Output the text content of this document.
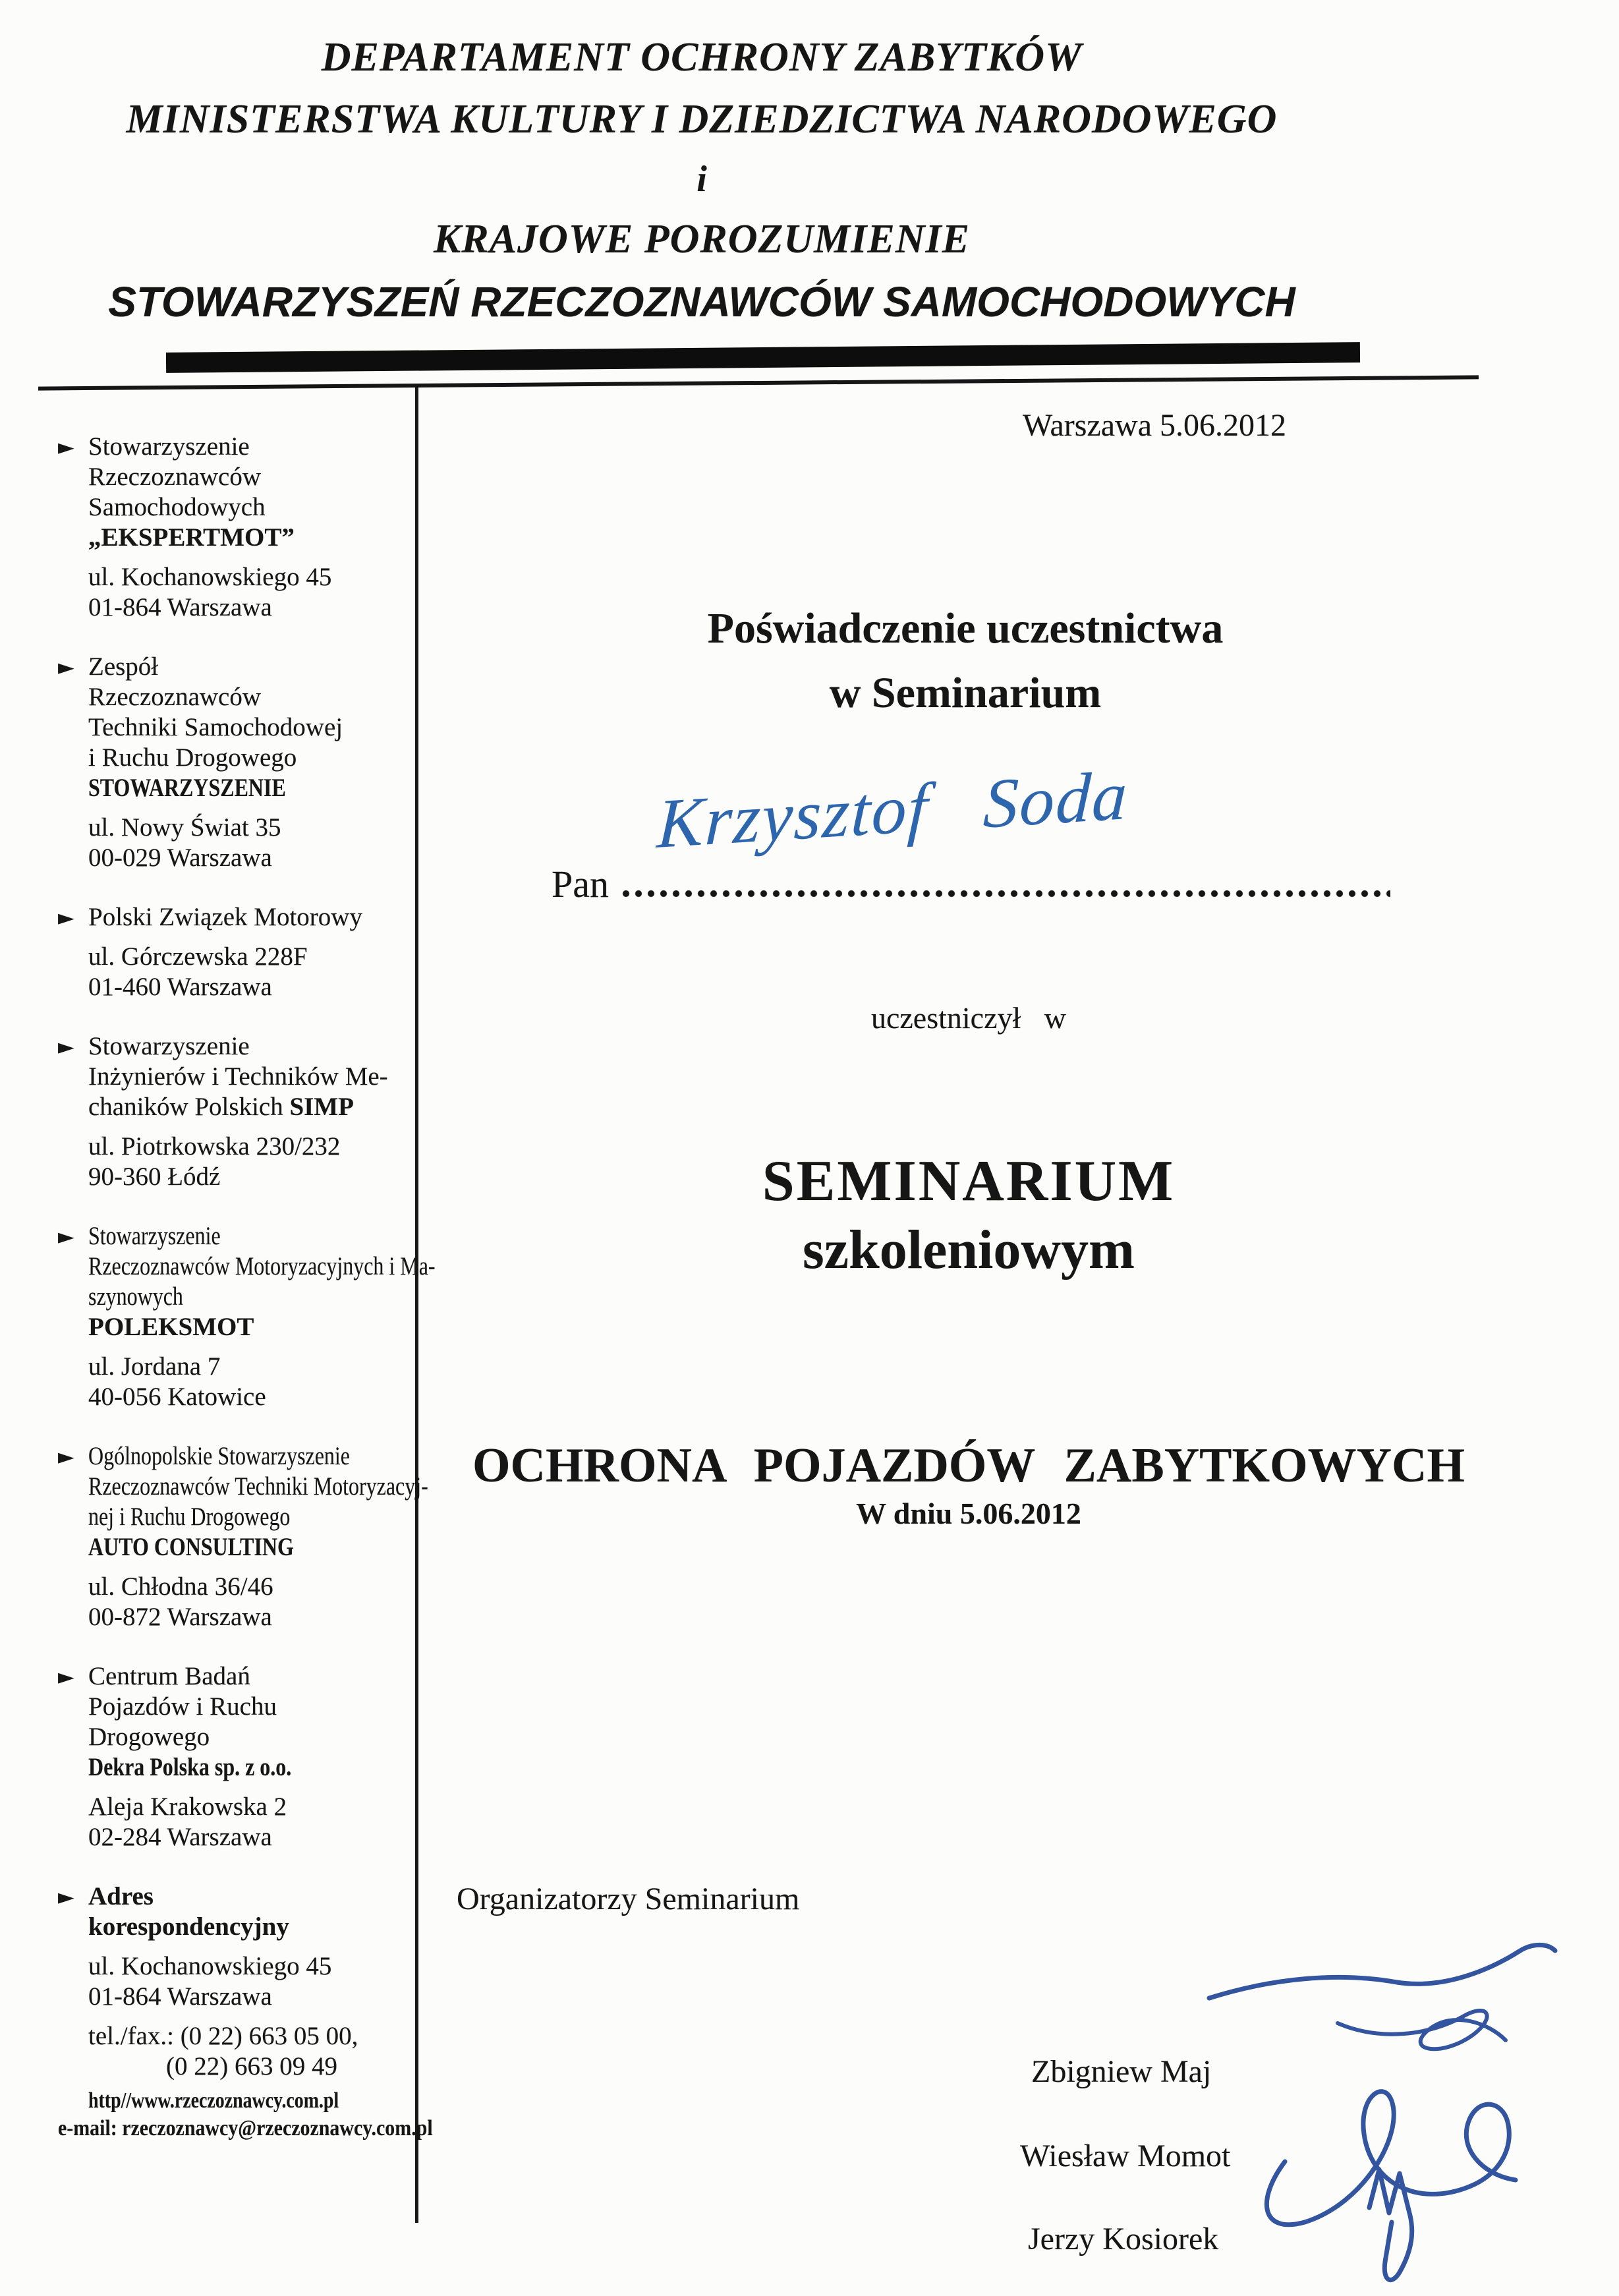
DEPARTAMENT OCHRONY ZABYTKÓW
MINISTERSTWA KULTURY I DZIEDZICTWA NARODOWEGO
i
KRAJOWE POROZUMIENIE
STOWARZYSZEŃ RZECZOZNAWCÓW SAMOCHODOWYCH
► Stowarzyszenie
Rzeczoznawców
Samochodowych
„EKSPERTMOT”
ul. Kochanowskiego 45
01-864 Warszawa
► Zespół
Rzeczoznawców
Techniki Samochodowej
i Ruchu Drogowego
STOWARZYSZENIE
ul. Nowy Świat 35
00-029 Warszawa
► Polski Związek Motorowy
ul. Górczewska 228F
01-460 Warszawa
► Stowarzyszenie
Inżynierów i Techników Me-
chaników Polskich SIMP
ul. Piotrkowska 230/232
90-360 Łódź
► Stowarzyszenie
Rzeczoznawców Motoryzacyjnych i Ma-
szynowych
POLEKSMOT
ul. Jordana 7
40-056 Katowice
► Ogólnopolskie Stowarzyszenie
Rzeczoznawców Techniki Motoryzacyj-
nej i Ruchu Drogowego
AUTO CONSULTING
ul. Chłodna 36/46
00-872 Warszawa
► Centrum Badań
Pojazdów i Ruchu
Drogowego
Dekra Polska sp. z o.o.
Aleja Krakowska 2
02-284 Warszawa
► Adres
korespondencyjny
ul. Kochanowskiego 45
01-864 Warszawa
tel./fax.: (0 22) 663 05 00,
(0 22) 663 09 49
http//www.rzeczoznawcy.com.pl
e-mail: rzeczoznawcy@rzeczoznawcy.com.pl
Warszawa 5.06.2012
Poświadczenie uczestnictwa
w Seminarium
Pan
Krzysztof Soda
uczestniczył w
SEMINARIUM
szkoleniowym
OCHRONA POJAZDÓW ZABYTKOWYCH
W dniu 5.06.2012
Organizatorzy Seminarium
Zbigniew Maj
Wiesław Momot
Jerzy Kosiorek
